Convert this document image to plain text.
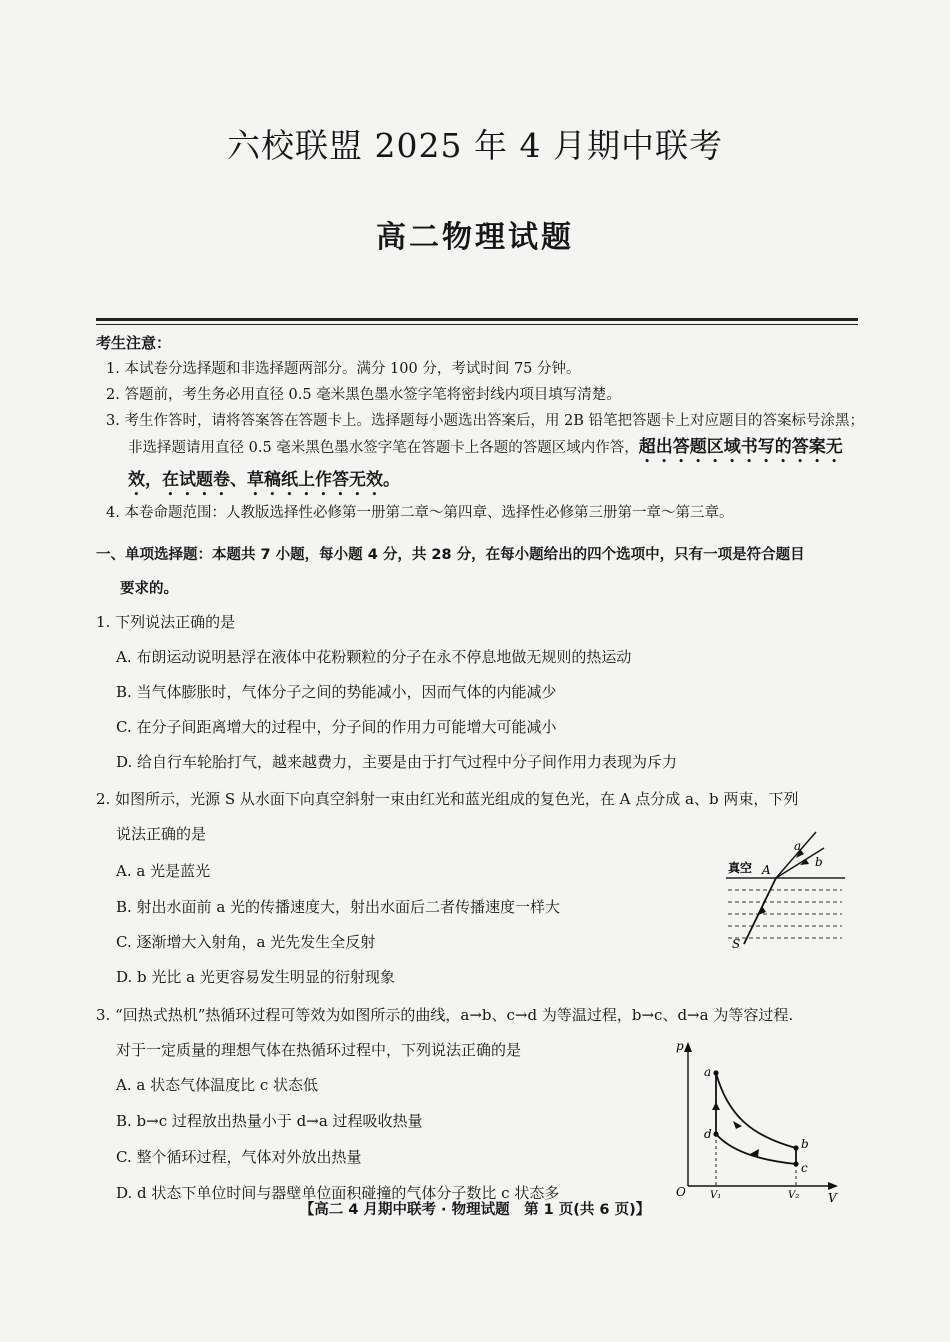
六校联盟 2025 年 4 月期中联考
高二物理试题
考生注意：
1. 本试卷分选择题和非选择题两部分。满分 100 分，考试时间 75 分钟。
2. 答题前，考生务必用直径 0.5 毫米黑色墨水签字笔将密封线内项目填写清楚。
3. 考生作答时，请将答案答在答题卡上。选择题每小题选出答案后，用 2B 铅笔把答题卡上对应题目的答案标号涂黑；非选择题请用直径 0.5 毫米黑色墨水签字笔在答题卡上各题的答题区域内作答，超出答题区域书写的答案无效，在试题卷、草稿纸上作答无效。
4. 本卷命题范围：人教版选择性必修第一册第二章～第四章、选择性必修第三册第一章～第三章。
一、单项选择题：本题共 7 小题，每小题 4 分，共 28 分，在每小题给出的四个选项中，只有一项是符合题目
要求的。
1. 下列说法正确的是
A. 布朗运动说明悬浮在液体中花粉颗粒的分子在永不停息地做无规则的热运动
B. 当气体膨胀时，气体分子之间的势能减小，因而气体的内能减少
C. 在分子间距离增大的过程中，分子间的作用力可能增大可能减小
D. 给自行车轮胎打气，越来越费力，主要是由于打气过程中分子间作用力表现为斥力
2. 如图所示，光源 S 从水面下向真空斜射一束由红光和蓝光组成的复色光，在 A 点分成 a、b 两束，下列
说法正确的是
A. a 光是蓝光
B. 射出水面前 a 光的传播速度大，射出水面后二者传播速度一样大
C. 逐渐增大入射角，a 光先发生全反射
D. b 光比 a 光更容易发生明显的衍射现象
真空 A
a
b
S
3. “回热式热机”热循环过程可等效为如图所示的曲线，a→b、c→d 为等温过程，b→c、d→a 为等容过程.
对于一定质量的理想气体在热循环过程中，下列说法正确的是
A. a 状态气体温度比 c 状态低
B. b→c 过程放出热量小于 d→a 过程吸收热量
C. 整个循环过程，气体对外放出热量
D. d 状态下单位时间与器壁单位面积碰撞的气体分子数比 c 状态多
p
V
O V₁	V₂
a
b
c
d
【高二 4 月期中联考 · 物理试题　第 1 页(共 6 页)】
